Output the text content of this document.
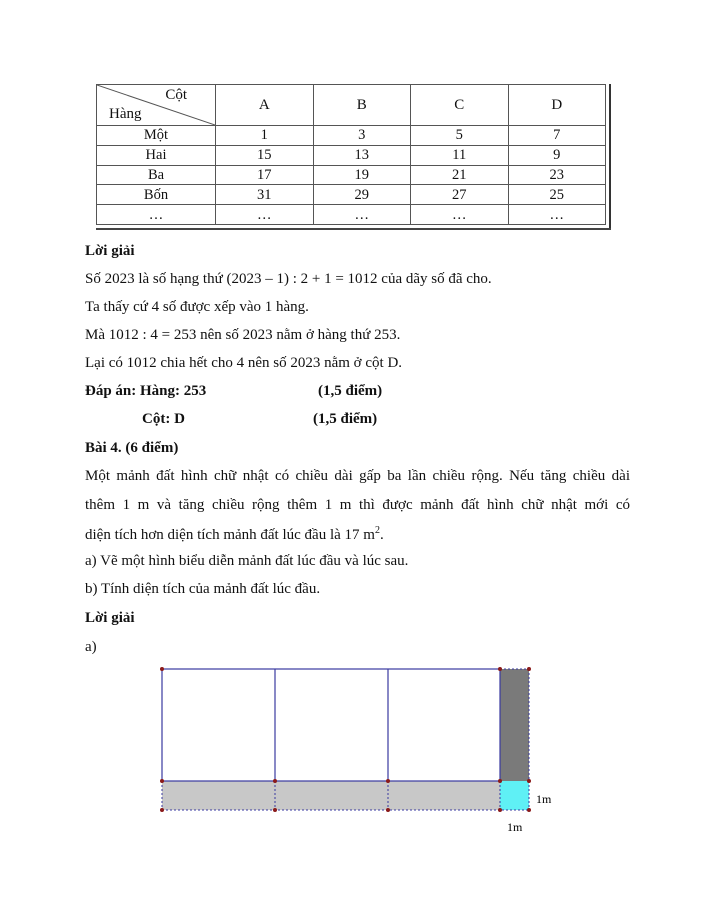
Cột
Hàng	A	B	C	D
Một	1	3	5	7
Hai	15	13	11	9
Ba	17	19	21	23
Bốn	31	29	27	25
…	…	…	…	…
Lời giải
Số 2023 là số hạng thứ (2023 – 1) : 2 + 1 = 1012 của dãy số đã cho.
Ta thấy cứ 4 số được xếp vào 1 hàng.
Mà 1012 : 4 = 253 nên số 2023 nằm ở hàng thứ 253.
Lại có 1012 chia hết cho 4 nên số 2023 nằm ở cột D.
Đáp án: Hàng: 253	(1,5 điểm)
Cột: D	(1,5 điểm)
Bài 4. (6 điểm)
Một mảnh đất hình chữ nhật có chiều dài gấp ba lần chiều rộng. Nếu tăng chiều dài
thêm 1 m và tăng chiều rộng thêm 1 m thì được mảnh đất hình chữ nhật mới có
diện tích hơn diện tích mảnh đất lúc đầu là 17 $m^2$.
a) Vẽ một hình biểu diễn mảnh đất lúc đầu và lúc sau.
b) Tính diện tích của mảnh đất lúc đầu.
Lời giải
a)
1m
1m
